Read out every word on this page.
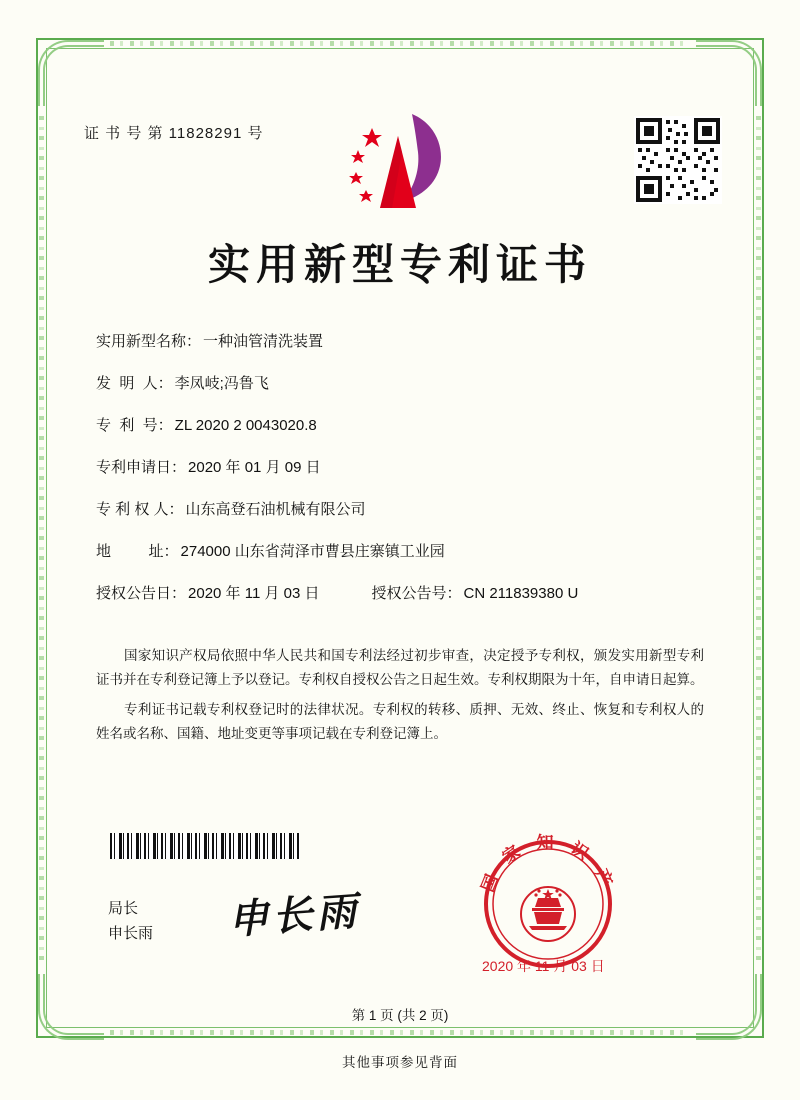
证 书 号 第 11828291 号
实用新型专利证书
实用新型名称： 一种油管清洗装置
发  明  人： 李凤岐;冯鲁飞
专  利  号： ZL 2020 2 0043020.8
专利申请日： 2020 年 01 月 09 日
专 利 权 人： 山东高登石油机械有限公司
地         址： 274000 山东省菏泽市曹县庄寨镇工业园
授权公告日： 2020 年 11 月 03 日	授权公告号： CN 211839380 U

国家知识产权局依照中华人民共和国专利法经过初步审查，决定授予专利权，颁发实用新型专利证书并在专利登记簿上予以登记。专利权自授权公告之日起生效。专利权期限为十年，自申请日起算。

专利证书记载专利权登记时的法律状况。专利权的转移、质押、无效、终止、恢复和专利权人的姓名或名称、国籍、地址变更等事项记载在专利登记簿上。

局长
申长雨 申长雨
国 家 知 识 产
2020 年 11 月 03 日
第 1 页 (共 2 页)
其他事项参见背面
